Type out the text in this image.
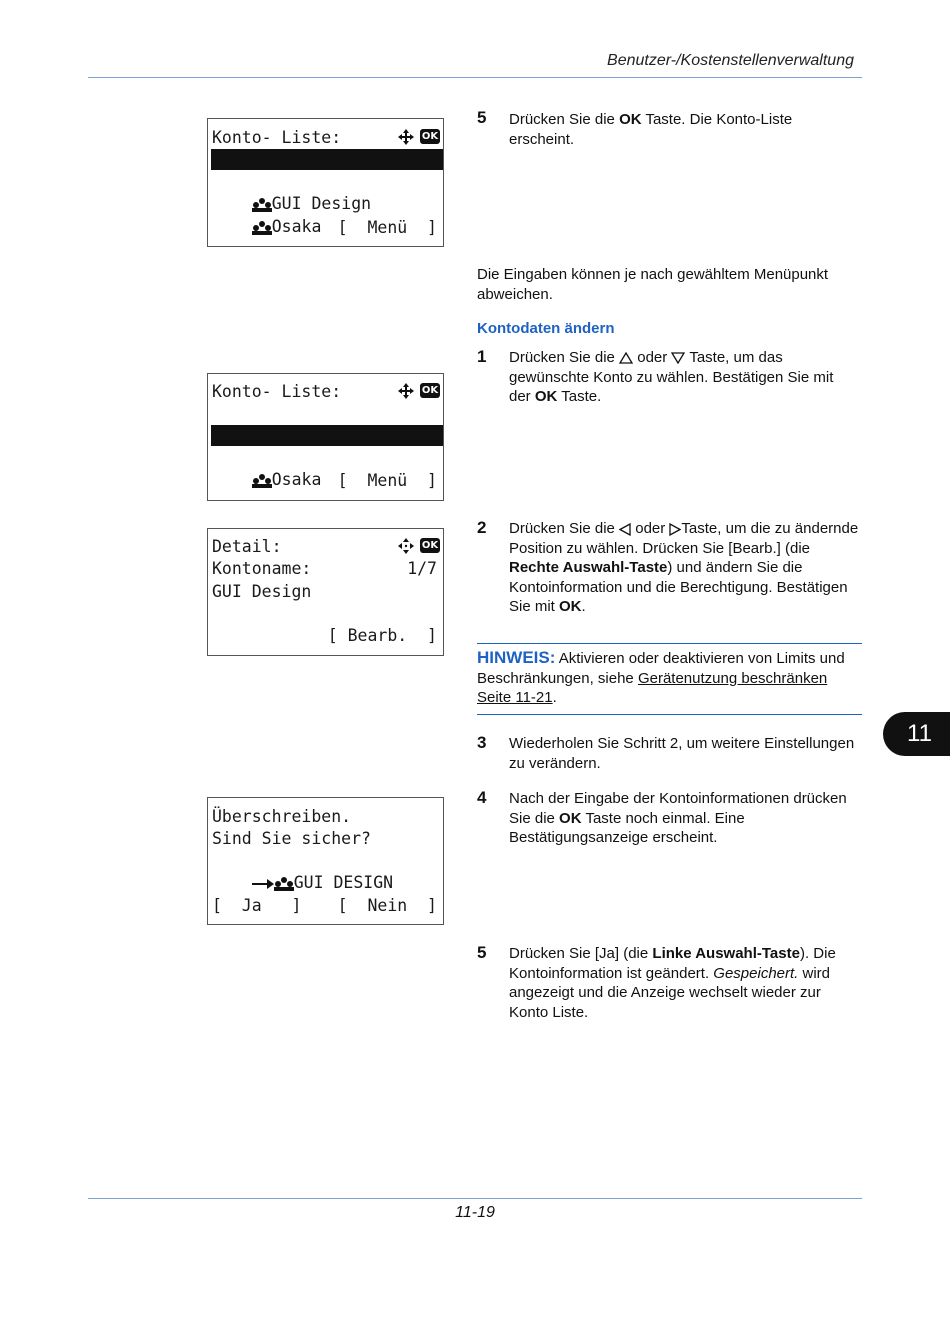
Benutzer-/Kostenstellenverwaltung
Konto- Liste:	OK

UI R&D DEP.

GUI Design

Osaka
[  Menü  ]
Konto- Liste:	OK

GUI Design

Osaka
[  Menü  ]
Detail:	OK
Kontoname:	1/7
GUI Design
[ Bearb.  ]
Überschreiben.
Sind Sie sicher?

GUI DESIGN

[  Ja   ] [  Nein  ]
5 Drücken Sie die OK Taste. Die Konto-Liste erscheint.
Die Eingaben können je nach gewähltem Menüpunkt abweichen.
Kontodaten ändern
1 Drücken Sie die  oder  Taste, um das gewünschte Konto zu wählen. Bestätigen Sie mit der OK Taste.
2 Drücken Sie die  oder Taste, um die zu ändernde Position zu wählen. Drücken Sie [Bearb.] (die Rechte Auswahl-Taste) und ändern Sie die Kontoinformation und die Berechtigung. Bestätigen Sie mit OK.
HINWEIS: Aktivieren oder deaktivieren von Limits und Beschränkungen, siehe Gerätenutzung beschränken Seite 11-21.
3 Wiederholen Sie Schritt 2, um weitere Einstellungen zu verändern.
4 Nach der Eingabe der Kontoinformationen drücken Sie die OK Taste noch einmal. Eine Bestätigungsanzeige erscheint.
5 Drücken Sie [Ja] (die Linke Auswahl-Taste). Die Kontoinformation ist geändert. Gespeichert. wird angezeigt und die Anzeige wechselt wieder zur Konto Liste.
11
11-19
